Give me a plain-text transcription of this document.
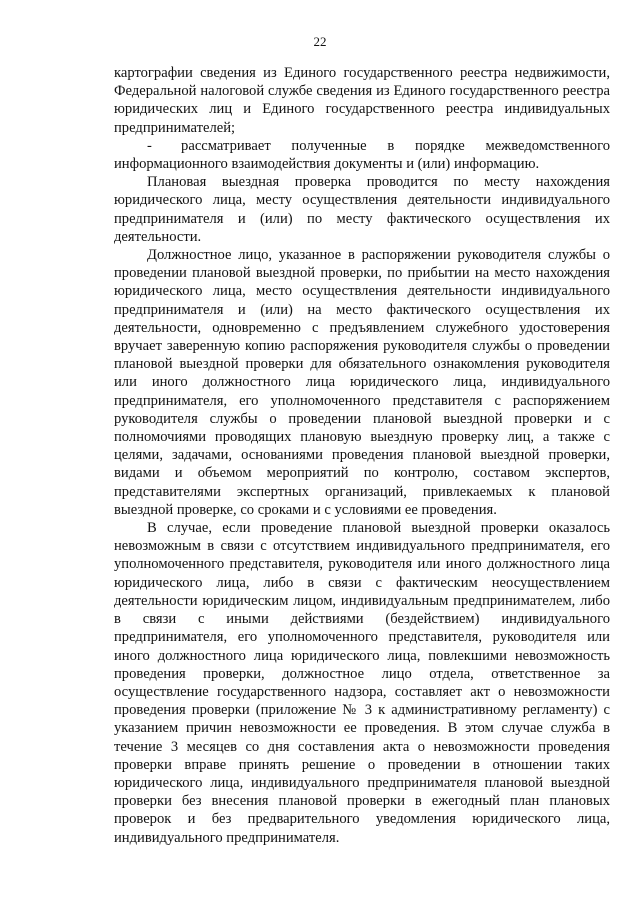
22

картографии сведения из Единого государственного реестра недвижимости, Федеральной налоговой службе сведения из Единого государственного реестра юридических лиц и Единого государственного реестра индивидуальных предпринимателей;

-  рассматривает полученные в порядке межведомственного информационного взаимодействия документы и (или) информацию.

Плановая выездная проверка проводится по месту нахождения юридического лица, месту осуществления деятельности индивидуального предпринимателя и (или) по месту фактического осуществления их деятельности.

Должностное лицо, указанное в распоряжении руководителя службы о проведении плановой выездной проверки, по прибытии на место нахождения юридического лица, место осуществления деятельности индивидуального предпринимателя и (или) на место фактического осуществления их деятельности, одновременно с предъявлением служебного удостоверения вручает заверенную копию распоряжения руководителя службы о проведении плановой выездной проверки для обязательного ознакомления руководителя или иного должностного лица юридического лица, индивидуального предпринимателя, его уполномоченного представителя с распоряжением руководителя службы о проведении плановой выездной проверки и с полномочиями проводящих плановую выездную проверку лиц, а также с целями, задачами, основаниями проведения плановой выездной проверки, видами и объемом мероприятий по контролю, составом экспертов, представителями экспертных организаций, привлекаемых к плановой выездной проверке, со сроками и с условиями ее проведения.

В случае, если проведение плановой выездной проверки оказалось невозможным в связи с отсутствием индивидуального предпринимателя, его уполномоченного представителя, руководителя или иного должностного лица юридического лица, либо в связи с фактическим неосуществлением деятельности юридическим лицом, индивидуальным предпринимателем, либо в связи с иными действиями (бездействием) индивидуального предпринимателя, его уполномоченного представителя, руководителя или иного должностного лица юридического лица, повлекшими невозможность проведения проверки, должностное лицо отдела, ответственное за осуществление государственного надзора, составляет акт о невозможности проведения проверки (приложение № 3 к административному регламенту) с указанием причин невозможности ее проведения. В этом случае служба в течение 3 месяцев со дня составления акта о невозможности проведения проверки вправе принять решение о проведении в отношении таких юридического лица, индивидуального предпринимателя плановой выездной проверки без внесения плановой проверки в ежегодный план плановых проверок и без предварительного уведомления юридического лица, индивидуального предпринимателя.
